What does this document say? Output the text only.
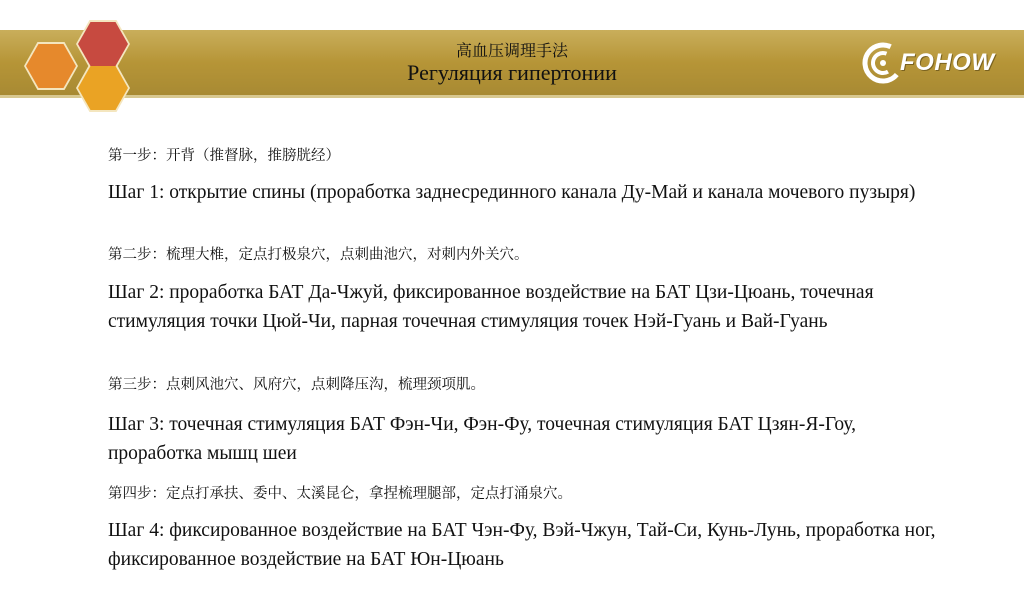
高血压调理手法
Регуляция гипертонии	FOHOW

第一步：开背（推督脉，推膀胱经）

Шаг 1: открытие спины (проработка заднесрединного канала Ду-Май и канала мочевого пузыря)

第二步：梳理大椎，定点打极泉穴，点刺曲池穴，对刺内外关穴。

Шаг 2: проработка БАТ Да-Чжуй, фиксированное воздействие на БАТ Цзи-Цюань, точечная стимуляция точки Цюй-Чи, парная точечная стимуляция точек Нэй-Гуань и Вай-Гуань

第三步：点刺风池穴、风府穴，点刺降压沟，梳理颈项肌。

Шаг 3: точечная стимуляция БАТ Фэн-Чи, Фэн-Фу, точечная стимуляция БАТ Цзян-Я-Гоу, проработка мышц шеи

第四步：定点打承扶、委中、太溪昆仑，拿捏梳理腿部，定点打涌泉穴。

Шаг 4: фиксированное воздействие на БАТ Чэн-Фу, Вэй-Чжун, Тай-Си, Кунь-Лунь, проработка ног, фиксированное воздействие на БАТ Юн-Цюань
